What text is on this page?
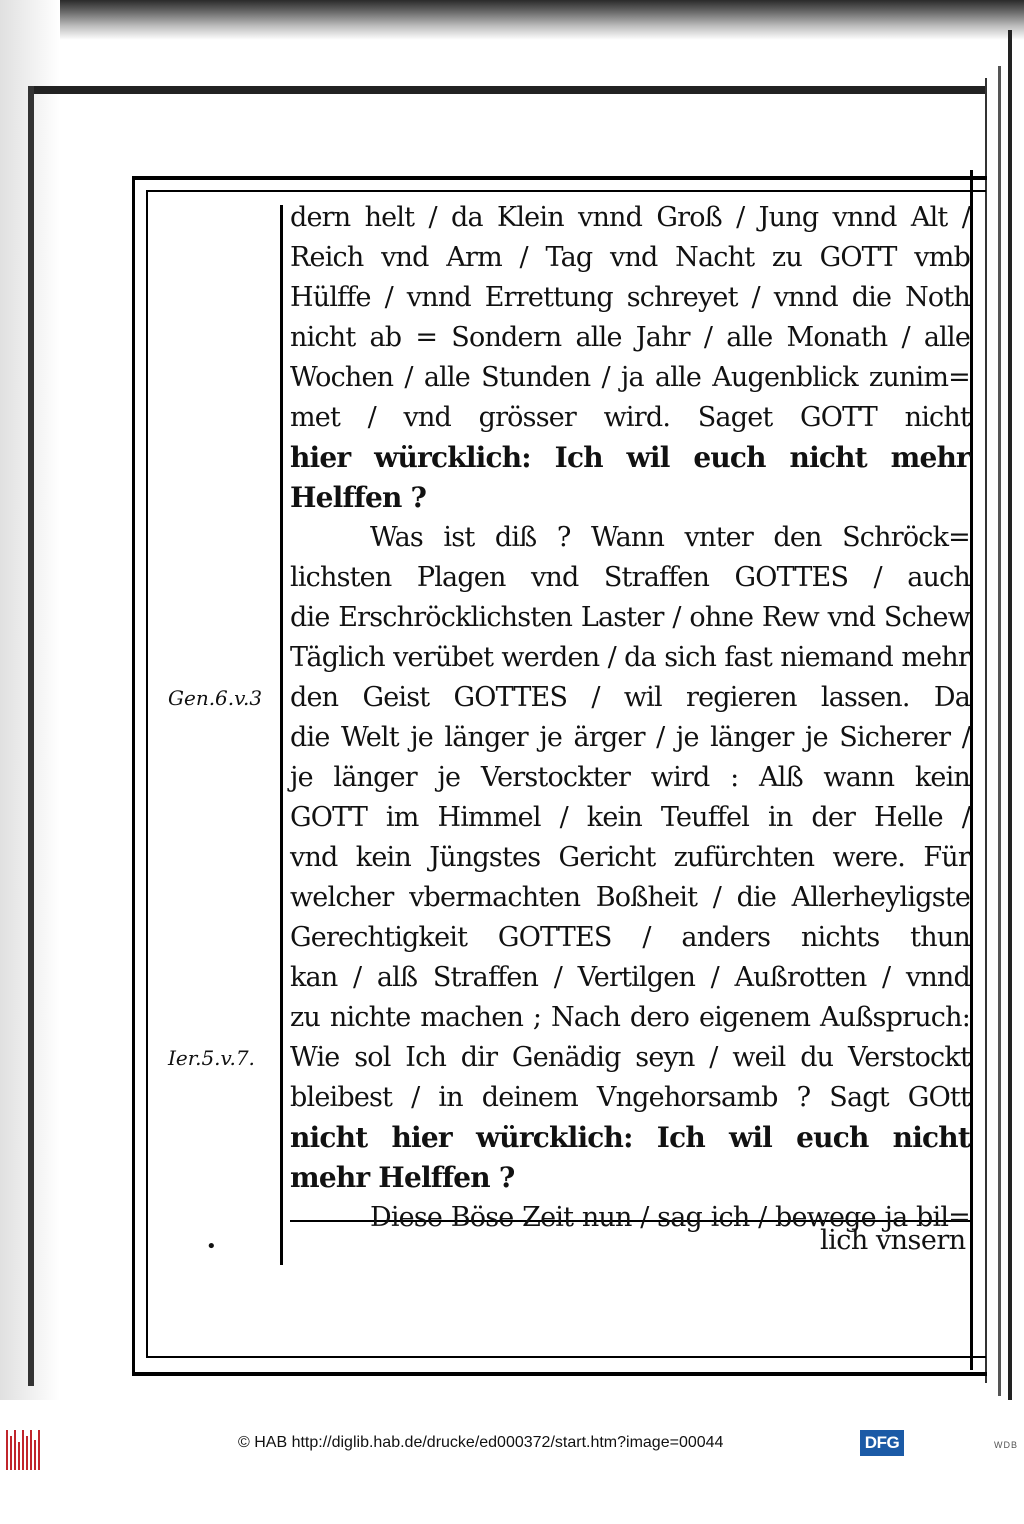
dern helt / da Klein vnnd Groß / Jung vnnd Alt /
Reich vnd Arm / Tag vnd Nacht zu GOTT vmb
Hülffe / vnnd Errettung schreyet / vnnd die Noth
nicht ab = Sondern alle Jahr / alle Monath / alle
Wochen / alle Stunden / ja alle Augenblick zunim=
met / vnd grösser wird. Saget GOTT nicht
hier würcklich: Ich wil euch nicht mehr
Helffen ?
Was ist diß ? Wann vnter den Schröck=
lichsten Plagen vnd Straffen GOTTES / auch
die Erschröcklichsten Laster / ohne Rew vnd Schew
Täglich verübet werden / da sich fast niemand mehr
den Geist GOTTES / wil regieren lassen. Da
die Welt je länger je ärger / je länger je Sicherer /
je länger je Verstockter wird : Alß wann kein
GOTT im Himmel / kein Teuffel in der Helle /
vnd kein Jüngstes Gericht zufürchten were. Für
welcher vbermachten Boßheit / die Allerheyligste
Gerechtigkeit GOTTES / anders nichts thun
kan / alß Straffen / Vertilgen / Außrotten / vnnd
zu nichte machen ; Nach dero eigenem Außspruch:
Wie sol Ich dir Genädig seyn / weil du Verstockt
bleibest / in deinem Vngehorsamb ? Sagt GOtt
nicht hier würcklich: Ich wil euch nicht
mehr Helffen ?
Diese Böse Zeit nun / sag ich / bewege ja bil=
Gen.6.v.3
Ier.5.v.7.
•	lich vnsern
© HAB http://diglib.hab.de/drucke/ed000372/start.htm?image=00044	DFG	WDB
